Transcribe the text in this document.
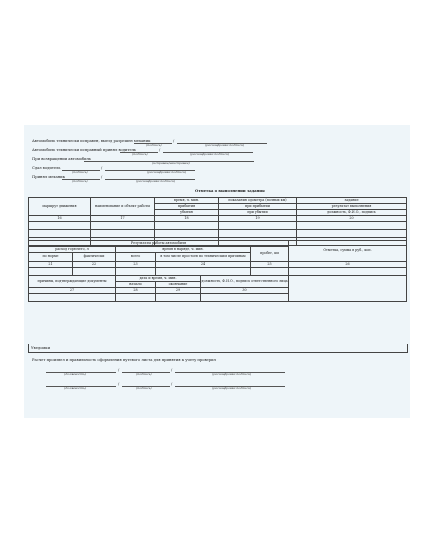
Автомобиль технически исправен, выезд разрешен механик	/
(подпись)	(расшифровка подписи)
Автомобиль технически исправный принял водитель	/
(подпись)	(расшифровка подписи)
При возвращении автомобиль
(исправен/неисправен)
Сдал водитель	/
(подпись)	(расшифровка подписи)
Принял механик	/
(подпись)	(расшифровка подписи)
Отметка о выполнении задания
маршрут движения	наименование и объект работы	время, ч. мин.	показания одометра (полных км)	задание
		прибытия	при прибытии	результат выполнения
		убытия	при убытии	должность, Ф.И.О., подпись
16	17	18	19	20

Результаты работы автомобиля						Отметка, сумма в руб., коп.
расход горючего, л		время в наряде, ч. мин.			пробег, км	
по норме	фактически	всего	в том числе простоев по техническим причинам			
21	22	23	24		25	26

причины, подтверждающие документы		дата и время, ч. мин.		должность, Ф.И.О., подпись ответственного лица		
		начало	окончание			
27		28	29	30		

Уведомки
Расчет произвел и правильность оформления путевого листа для принятия к учету проверил
/	/
(должность)	(подпись)	(расшифровка подписи)
/	/
(должность)	(подпись)	(расшифровка подписи)
